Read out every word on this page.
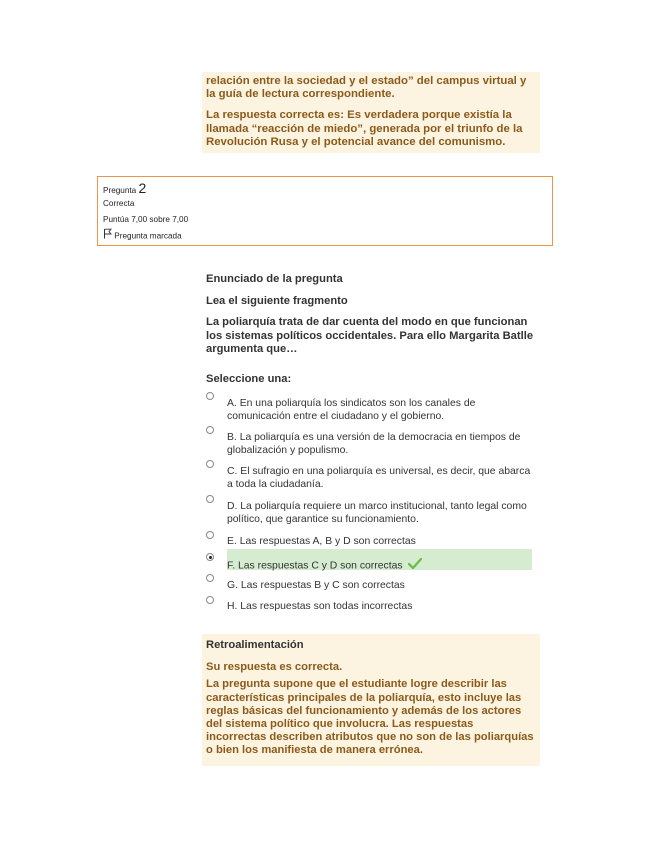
relación entre la sociedad y el estado” del campus virtual y la guía de lectura correspondiente.

La respuesta correcta es: Es verdadera porque existía la llamada “reacción de miedo”, generada por el triunfo de la Revolución Rusa y el potencial avance del comunismo.

Pregunta 2
Correcta
Puntúa 7,00 sobre 7,00
Pregunta marcada
Enunciado de la pregunta
Lea el siguiente fragmento
La poliarquía trata de dar cuenta del modo en que funcionan los sistemas políticos occidentales. Para ello Margarita Batlle argumenta que…
Seleccione una:
A. En una poliarquía los sindicatos son los canales de comunicación entre el ciudadano y el gobierno.
B. La poliarquía es una versión de la democracia en tiempos de globalización y populismo.
C. El sufragio en una poliarquía es universal, es decir, que abarca a toda la ciudadanía.
D. La poliarquía requiere un marco institucional, tanto legal como político, que garantice su funcionamiento.
E. Las respuestas A, B y D son correctas
F. Las respuestas C y D son correctas
G. Las respuestas B y C son correctas
H. Las respuestas son todas incorrectas
Retroalimentación

Su respuesta es correcta.

La pregunta supone que el estudiante logre describir las características principales de la poliarquía, esto incluye las reglas básicas del funcionamiento y además de los actores del sistema político que involucra. Las respuestas incorrectas describen atributos que no son de las poliarquías o bien los manifiesta de manera errónea.
